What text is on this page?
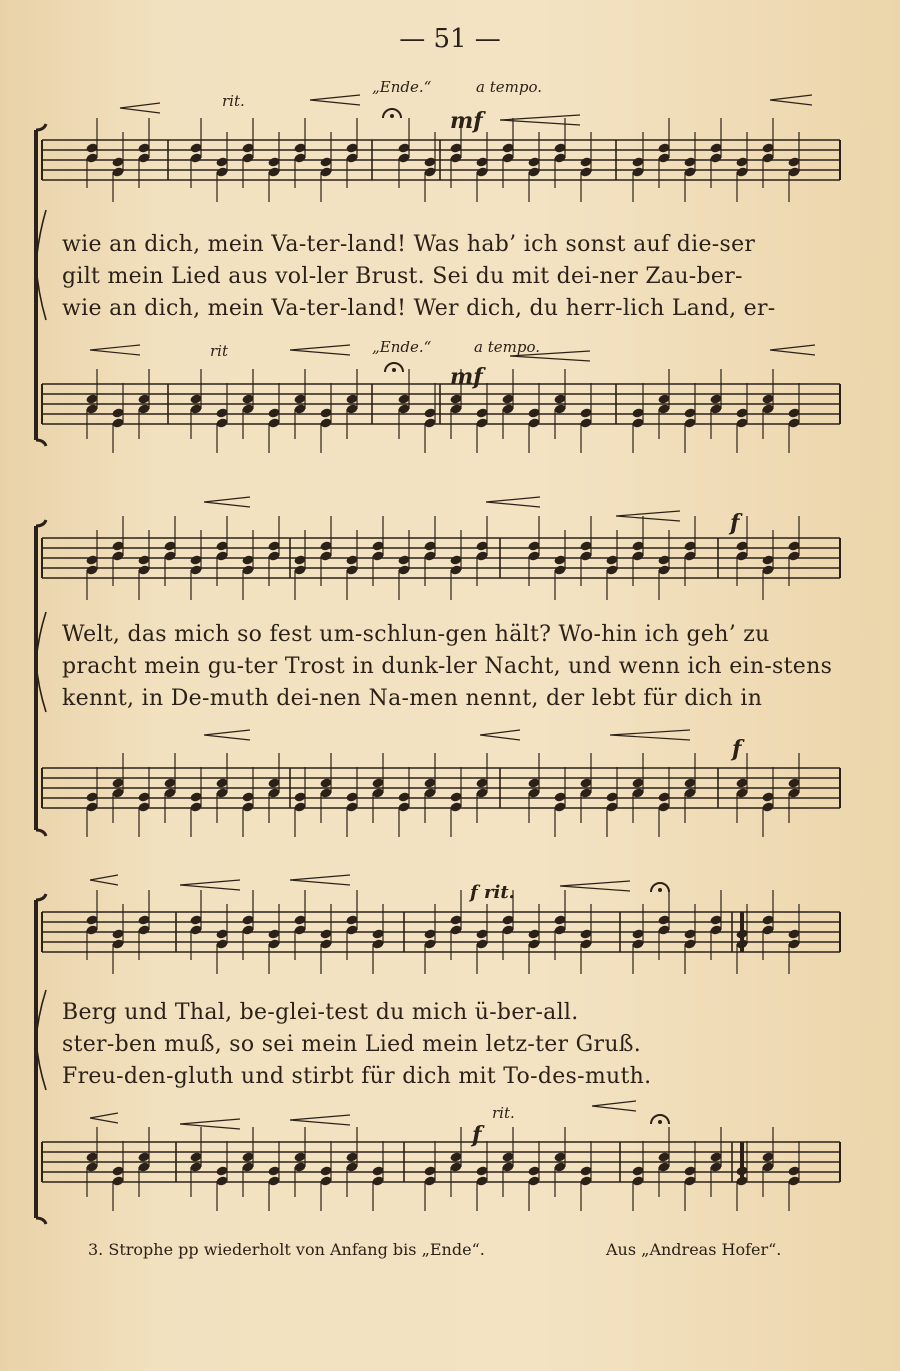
— 51 —
rit.
„Ende.“	a tempo.
mf
wie an dich, mein Va-ter-land! Was hab’ ich sonst auf die-ser
gilt mein Lied aus vol-ler Brust. Sei du mit dei-ner Zau-ber-
wie an dich, mein Va-ter-land! Wer dich, du herr-lich Land, er-
rit	„Ende.“	a tempo.
mf
f
Welt, das mich so fest um-schlun-gen hält? Wo-hin ich geh’ zu
pracht mein gu-ter Trost in dunk-ler Nacht, und wenn ich ein-stens
kennt, in De-muth dei-nen Na-men nennt, der lebt für dich in
f
f rit.
Berg und Thal, be-glei-test du mich ü-ber-all.
ster-ben muß, so sei mein Lied mein letz-ter Gruß.
Freu-den-gluth und stirbt für dich mit To-des-muth.
rit.
f
3. Strophe pp wiederholt von Anfang bis „Ende“.	Aus „Andreas Hofer“.
